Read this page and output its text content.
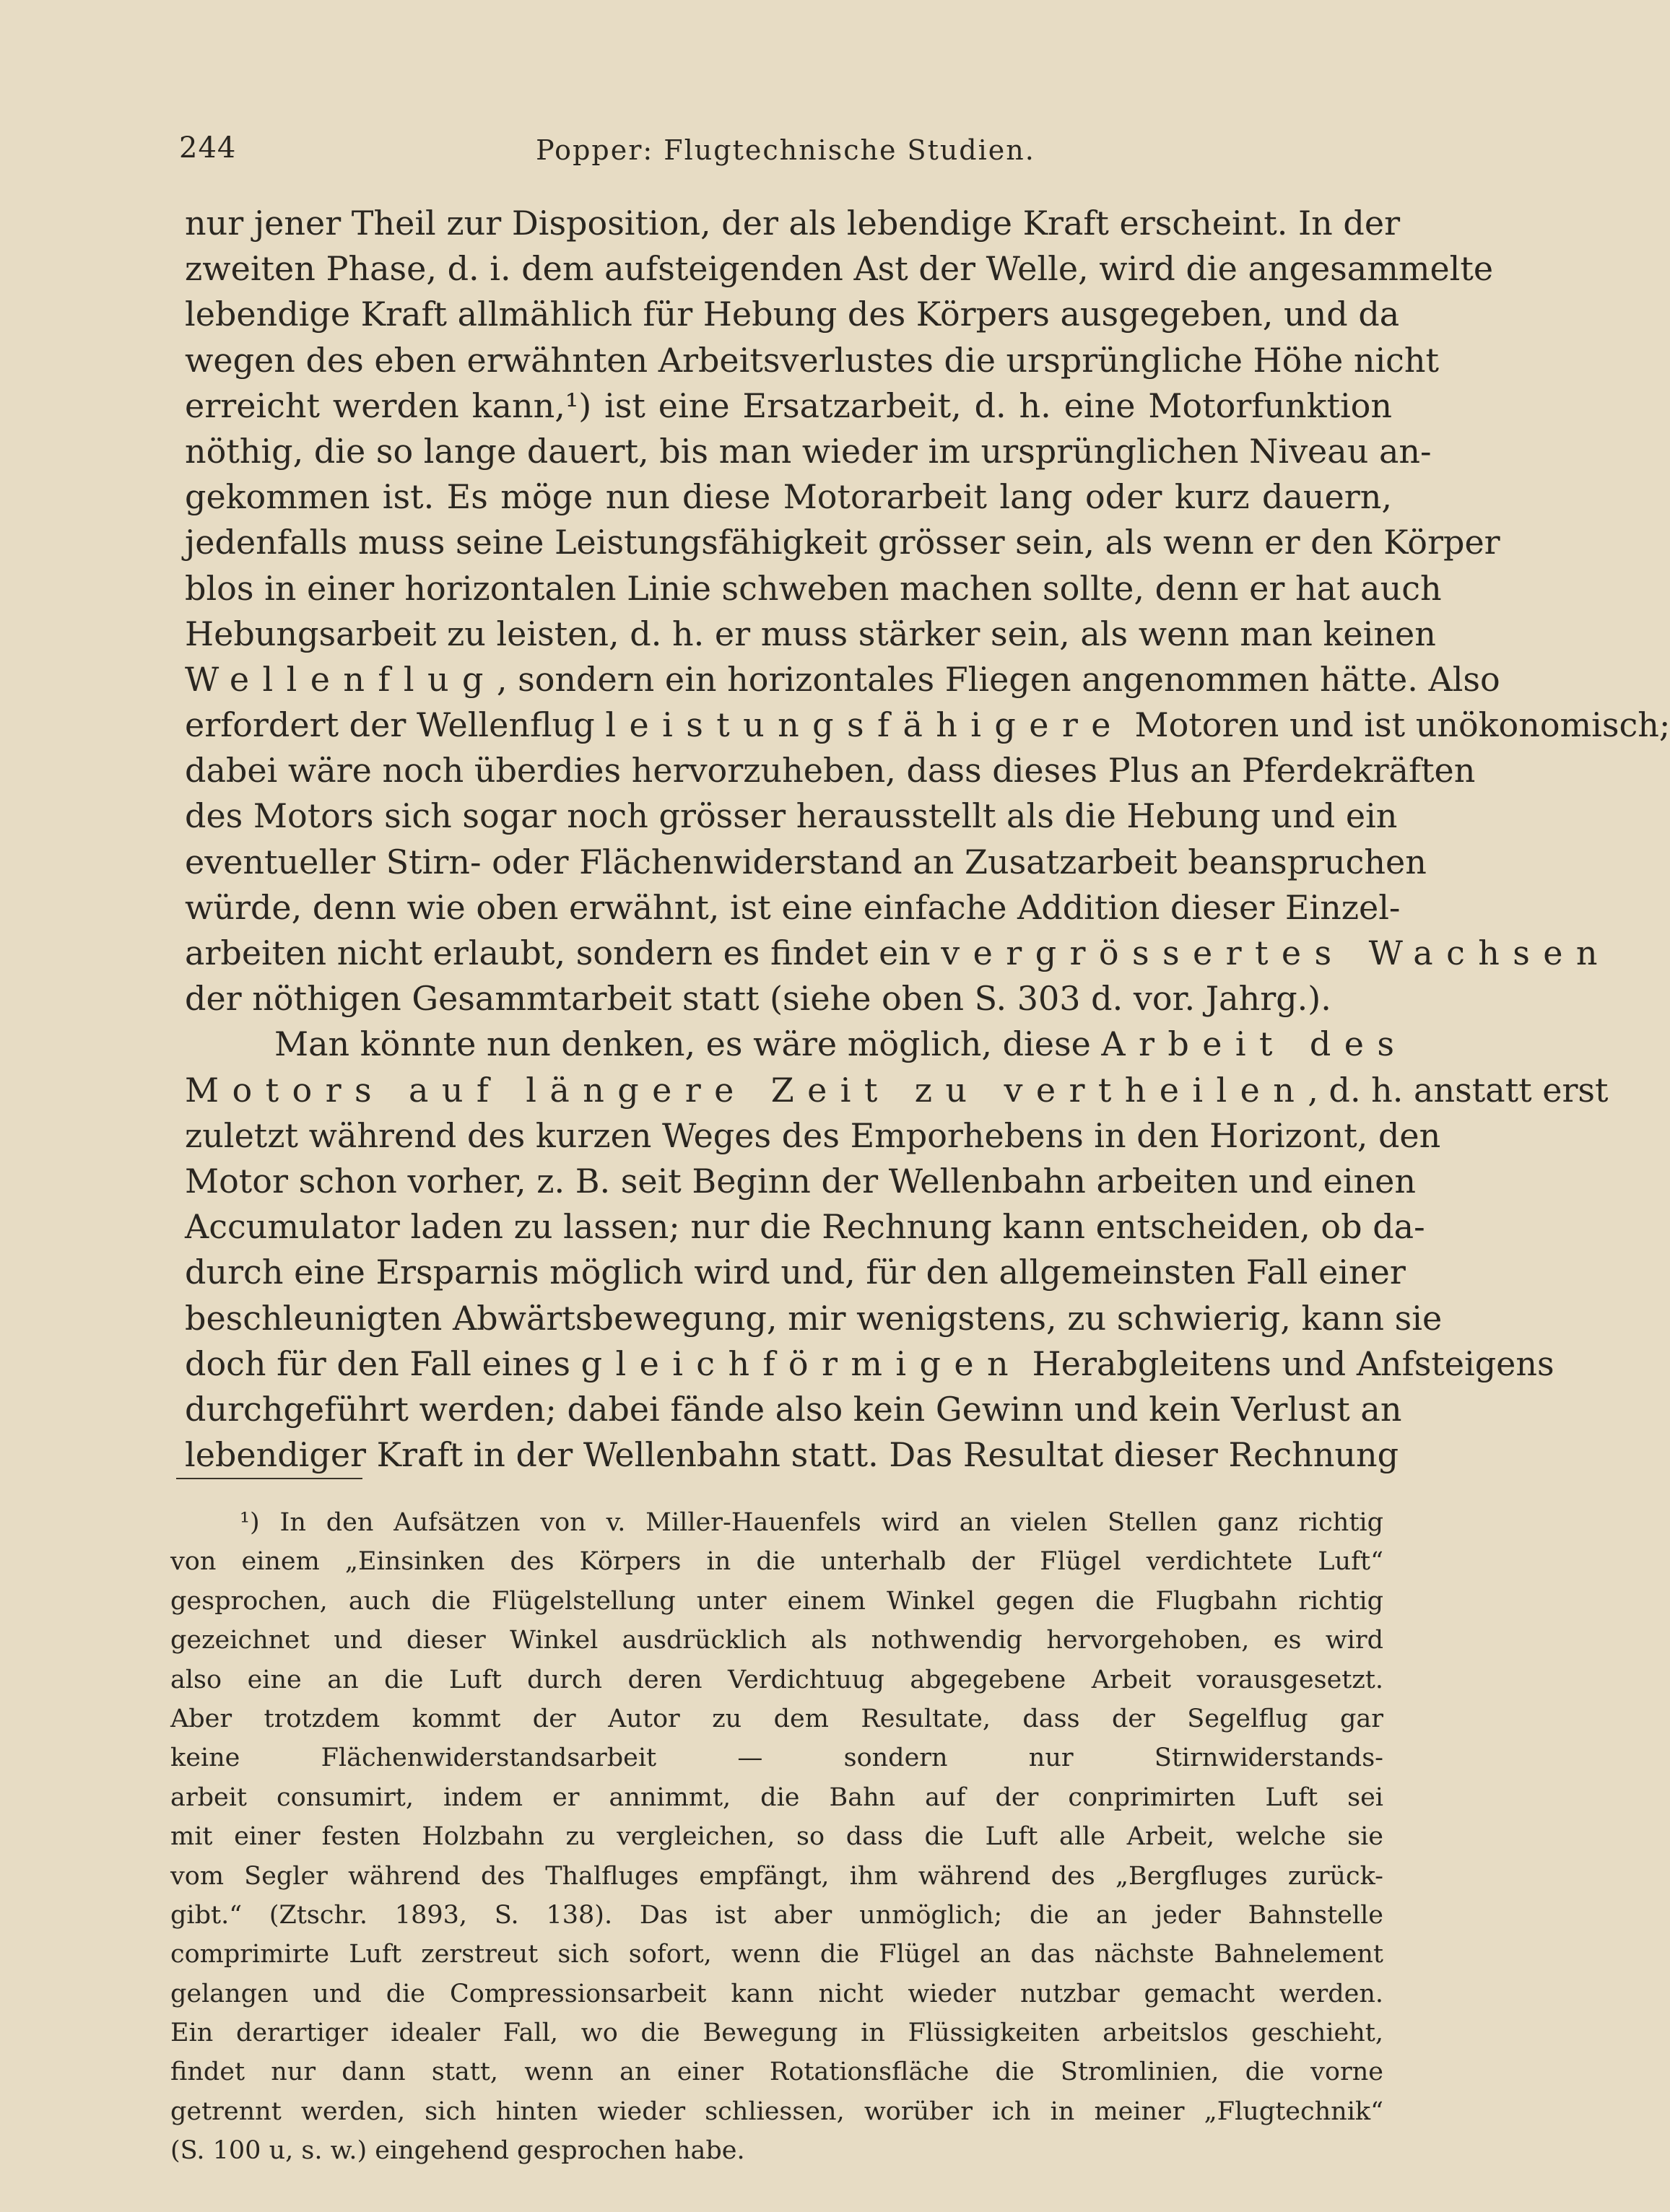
244	Popper: Flugtechnische Studien.
nur jener Theil zur Disposition, der als lebendige Kraft erscheint. In der
zweiten Phase, d. i. dem aufsteigenden Ast der Welle, wird die angesammelte
lebendige Kraft allmählich für Hebung des Körpers ausgegeben, und da
wegen des eben erwähnten Arbeitsverlustes die ursprüngliche Höhe nicht
erreicht werden kann,¹) ist eine Ersatzarbeit, d. h. eine Motorfunktion
nöthig, die so lange dauert, bis man wieder im ursprünglichen Niveau an-
gekommen ist. Es möge nun diese Motorarbeit lang oder kurz dauern,
jedenfalls muss seine Leistungsfähigkeit grösser sein, als wenn er den Körper
blos in einer horizontalen Linie schweben machen sollte, denn er hat auch
Hebungsarbeit zu leisten, d. h. er muss stärker sein, als wenn man keinen
Wellenflug, sondern ein horizontales Fliegen angenommen hätte. Also
erfordert der Wellenflug leistungsfähigere Motoren und ist unökonomisch;
dabei wäre noch überdies hervorzuheben, dass dieses Plus an Pferdekräften
des Motors sich sogar noch grösser herausstellt als die Hebung und ein
eventueller Stirn- oder Flächenwiderstand an Zusatzarbeit beanspruchen
würde, denn wie oben erwähnt, ist eine einfache Addition dieser Einzel-
arbeiten nicht erlaubt, sondern es findet ein vergrössertes Wachsen
der nöthigen Gesammtarbeit statt (siehe oben S. 303 d. vor. Jahrg.).
Man könnte nun denken, es wäre möglich, diese Arbeit des
Motors auf längere Zeit zu vertheilen, d. h. anstatt erst
zuletzt während des kurzen Weges des Emporhebens in den Horizont, den
Motor schon vorher, z. B. seit Beginn der Wellenbahn arbeiten und einen
Accumulator laden zu lassen; nur die Rechnung kann entscheiden, ob da-
durch eine Ersparnis möglich wird und, für den allgemeinsten Fall einer
beschleunigten Abwärtsbewegung, mir wenigstens, zu schwierig, kann sie
doch für den Fall eines gleichförmigen Herabgleitens und Anfsteigens
durchgeführt werden; dabei fände also kein Gewinn und kein Verlust an
lebendiger Kraft in der Wellenbahn statt. Das Resultat dieser Rechnung
¹) In den Aufsätzen von v. Miller-Hauenfels wird an vielen Stellen ganz richtig
von einem „Einsinken des Körpers in die unterhalb der Flügel verdichtete Luft“
gesprochen, auch die Flügelstellung unter einem Winkel gegen die Flugbahn richtig
gezeichnet und dieser Winkel ausdrücklich als nothwendig hervorgehoben, es wird
also eine an die Luft durch deren Verdichtuug abgegebene Arbeit vorausgesetzt.
Aber trotzdem kommt der Autor zu dem Resultate, dass der Segelflug gar
keine Flächenwiderstandsarbeit — sondern nur Stirnwiderstands-
arbeit consumirt, indem er annimmt, die Bahn auf der conprimirten Luft sei
mit einer festen Holzbahn zu vergleichen, so dass die Luft alle Arbeit, welche sie
vom Segler während des Thalfluges empfängt, ihm während des „Bergfluges zurück-
gibt.“ (Ztschr. 1893, S. 138). Das ist aber unmöglich; die an jeder Bahnstelle
comprimirte Luft zerstreut sich sofort, wenn die Flügel an das nächste Bahnelement
gelangen und die Compressionsarbeit kann nicht wieder nutzbar gemacht werden.
Ein derartiger idealer Fall, wo die Bewegung in Flüssigkeiten arbeitslos geschieht,
findet nur dann statt, wenn an einer Rotationsfläche die Stromlinien, die vorne
getrennt werden, sich hinten wieder schliessen, worüber ich in meiner „Flugtechnik“
(S. 100 u, s. w.) eingehend gesprochen habe.
